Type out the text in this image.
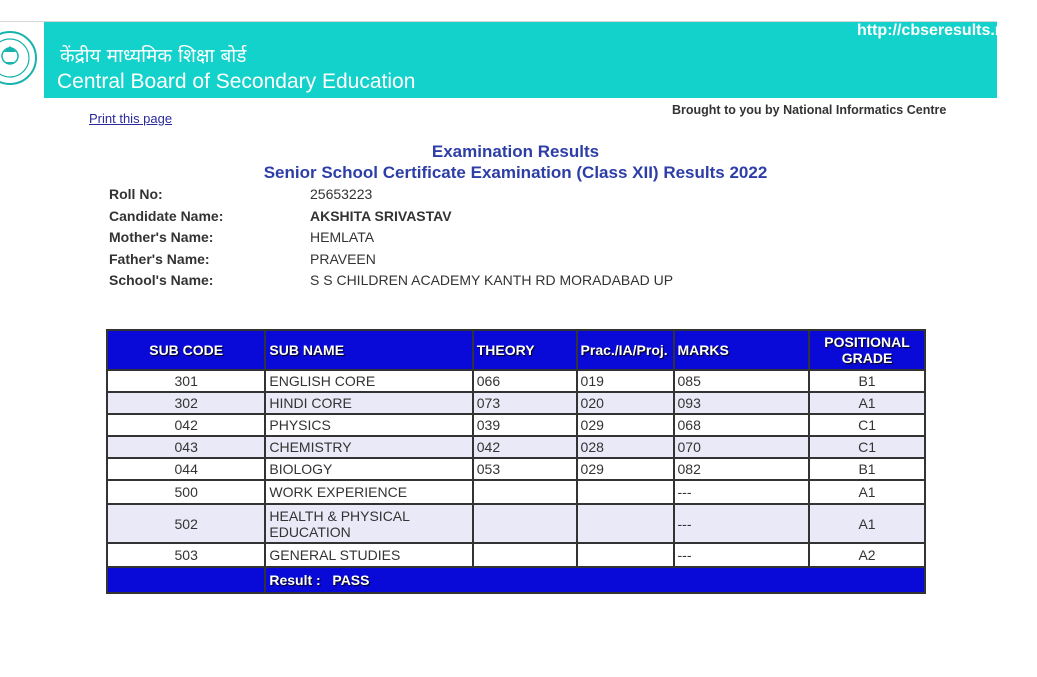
केंद्रीय माध्यमिक शिक्षा बोर्ड
Central Board of Secondary Education
http://cbseresults.nic.in
Print this page
Brought to you by National Informatics Centre
Examination Results
Senior School Certificate Examination (Class XII) Results 2022
Roll No:	25653223
Candidate Name:	AKSHITA SRIVASTAV
Mother's Name:	HEMLATA
Father's Name:	PRAVEEN
School's Name:	S S CHILDREN ACADEMY KANTH RD MORADABAD UP
SUB CODE	SUB NAME	THEORY	Prac./IA/Proj.	MARKS	POSITIONAL GRADE
301	ENGLISH CORE	066	019	085	B1
302	HINDI CORE	073	020	093	A1
042	PHYSICS	039	029	068	C1
043	CHEMISTRY	042	028	070	C1
044	BIOLOGY	053	029	082	B1
500	WORK EXPERIENCE			---	A1
502	HEALTH & PHYSICAL EDUCATION			---	A1
503	GENERAL STUDIES			---	A2
	Result : PASS				
